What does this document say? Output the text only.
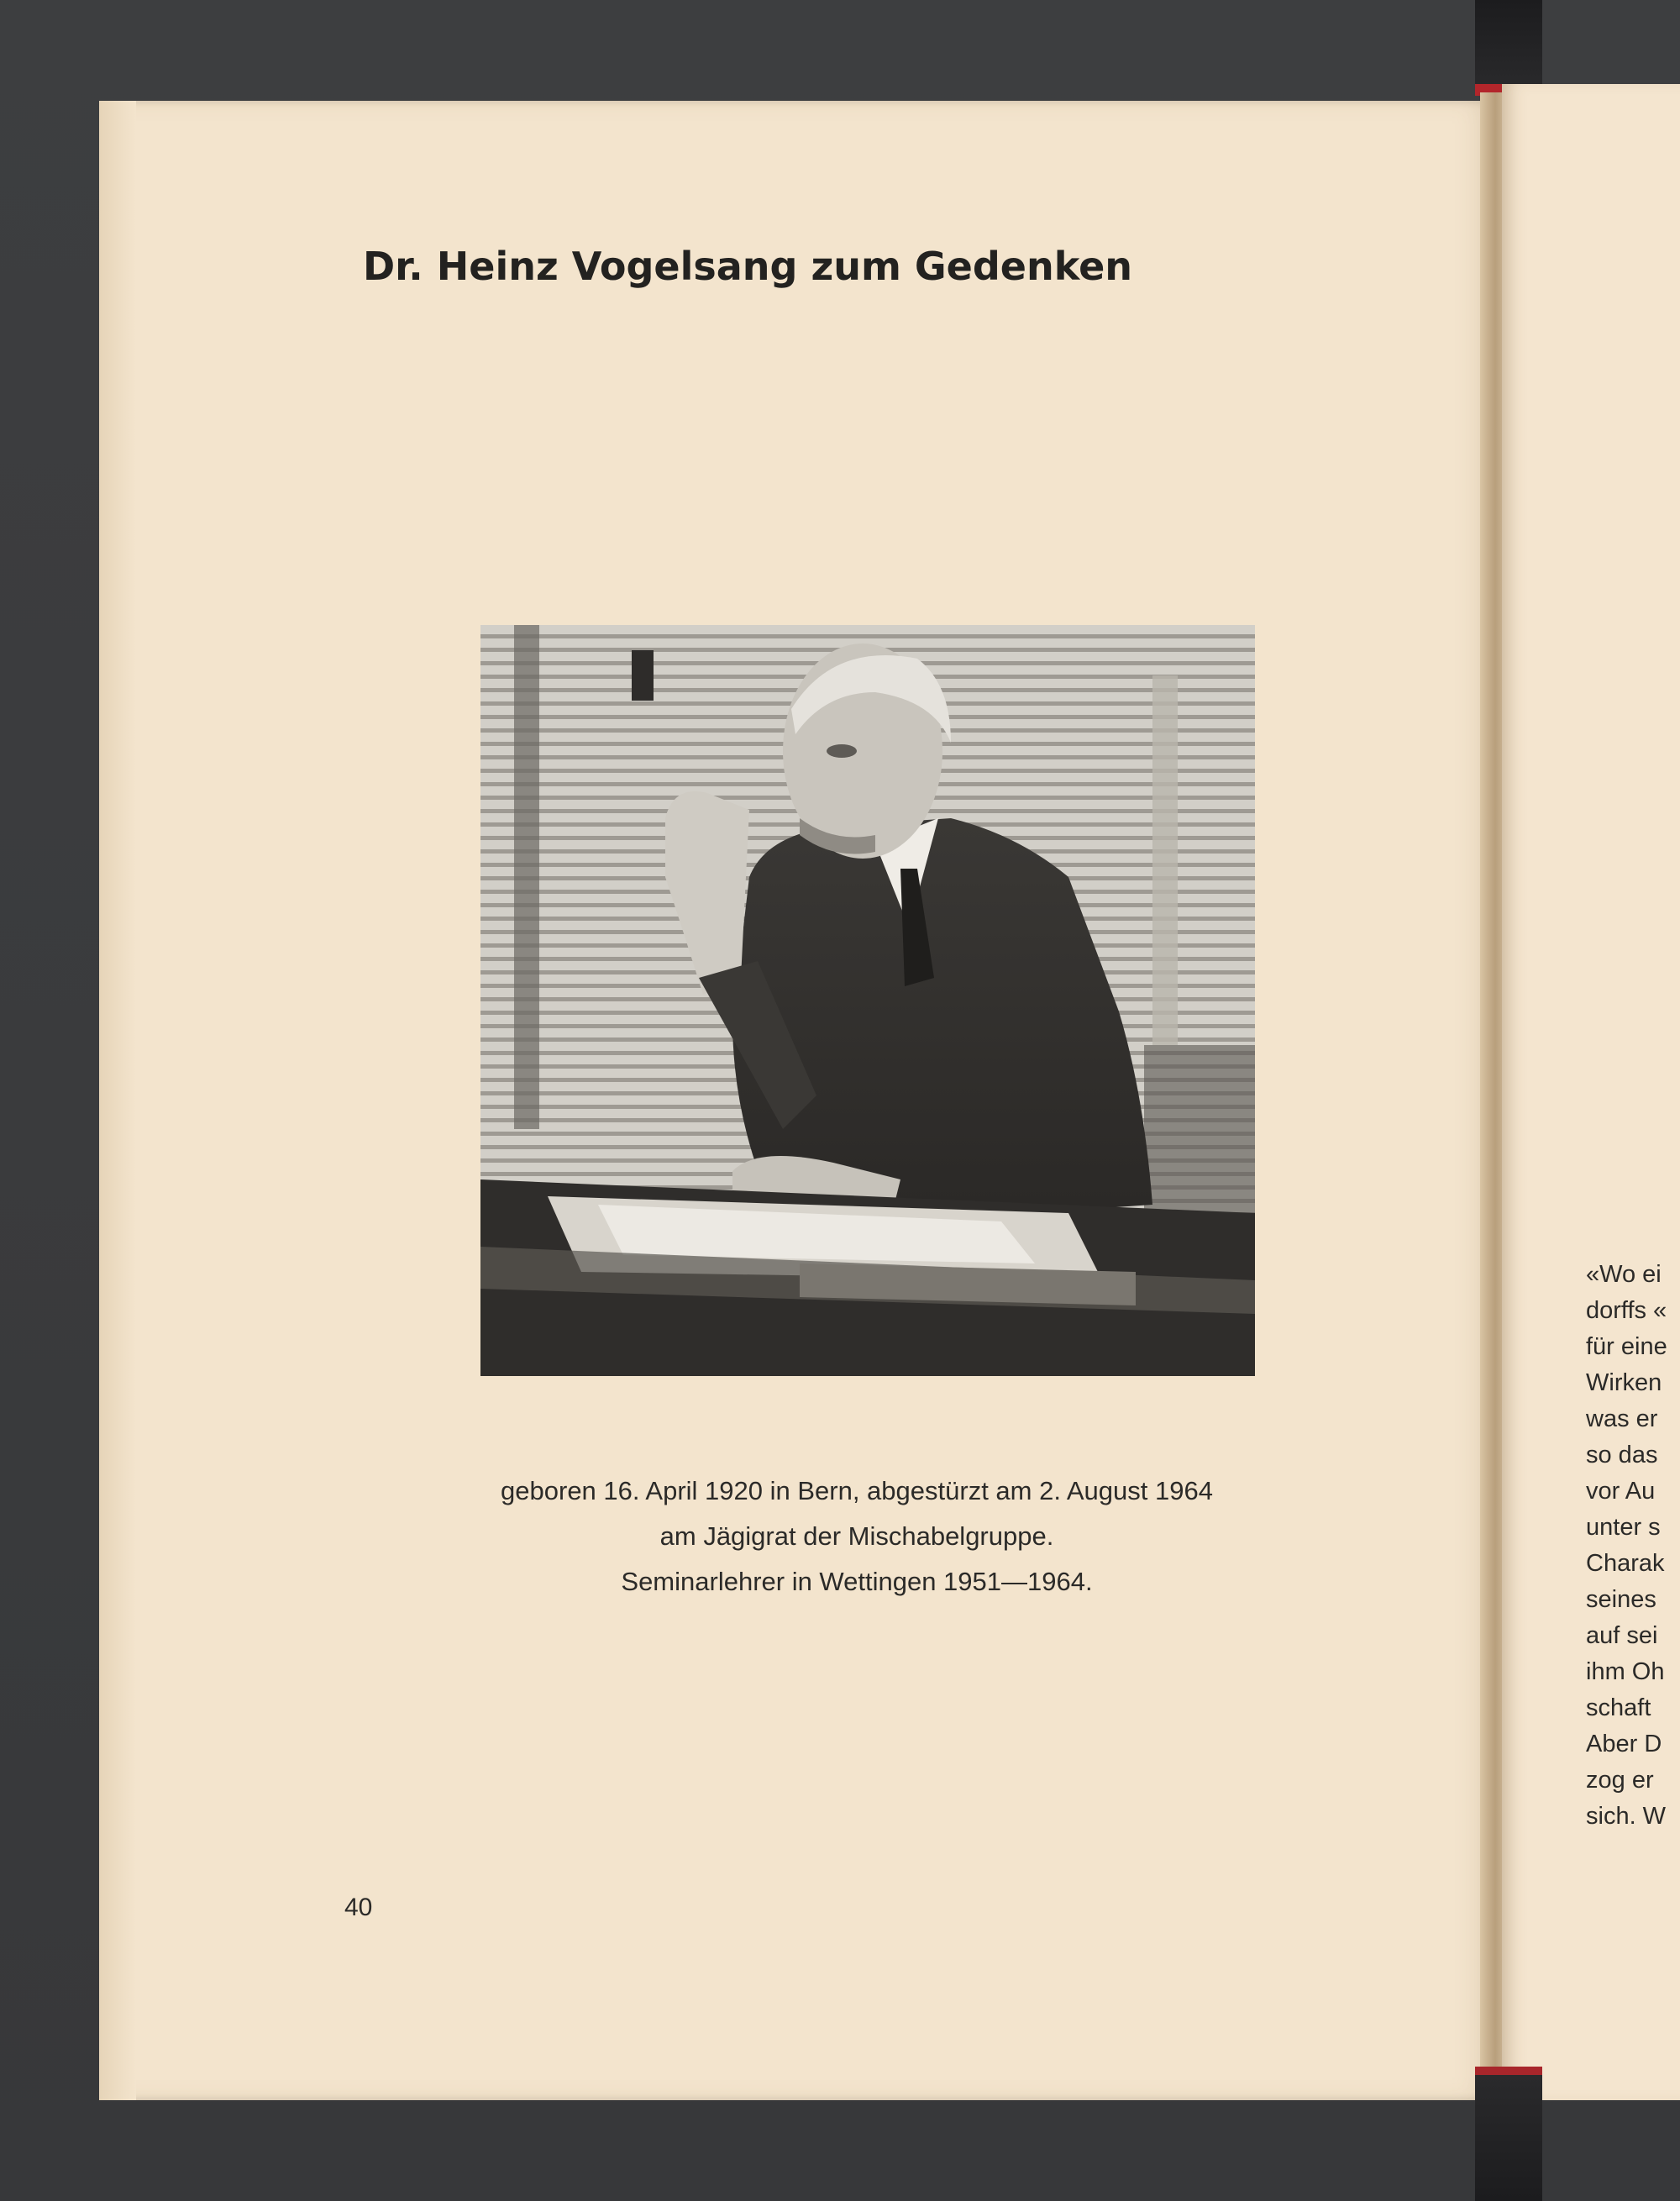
Dr. Heinz Vogelsang zum Gedenken
geboren 16. April 1920 in Bern, abgestürzt am 2. August 1964
am Jägigrat der Mischabelgruppe.
Seminarlehrer in Wettingen 1951—1964.
40
«Wo ei
dorffs «
für eine
Wirken
was er
so das
vor Au
unter s
Charak
seines
auf sei
ihm Oh
schaft
Aber D
zog er
sich. W
